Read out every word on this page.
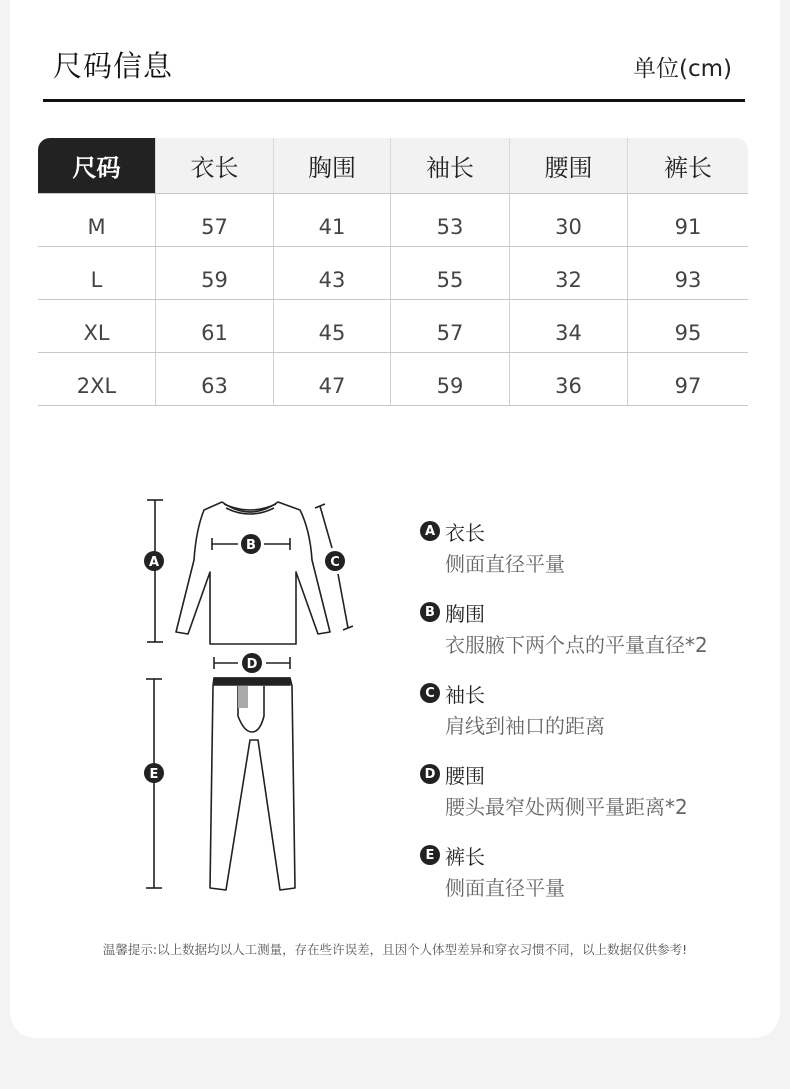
尺码信息	单位(cm)
尺码	衣长	胸围	袖长	腰围	裤长
M	57	41	53	30	91
L	59	43	55	32	93
XL	61	45	57	34	95
2XL	63	47	59	36	97
A
B
C
D
E
A 衣长
侧面直径平量
B 胸围
衣服腋下两个点的平量直径*2
C 袖长
肩线到袖口的距离
D 腰围
腰头最窄处两侧平量距离*2
E 裤长
侧面直径平量
温馨提示:以上数据均以人工测量，存在些许误差，且因个人体型差异和穿衣习惯不同，以上数据仅供参考!
